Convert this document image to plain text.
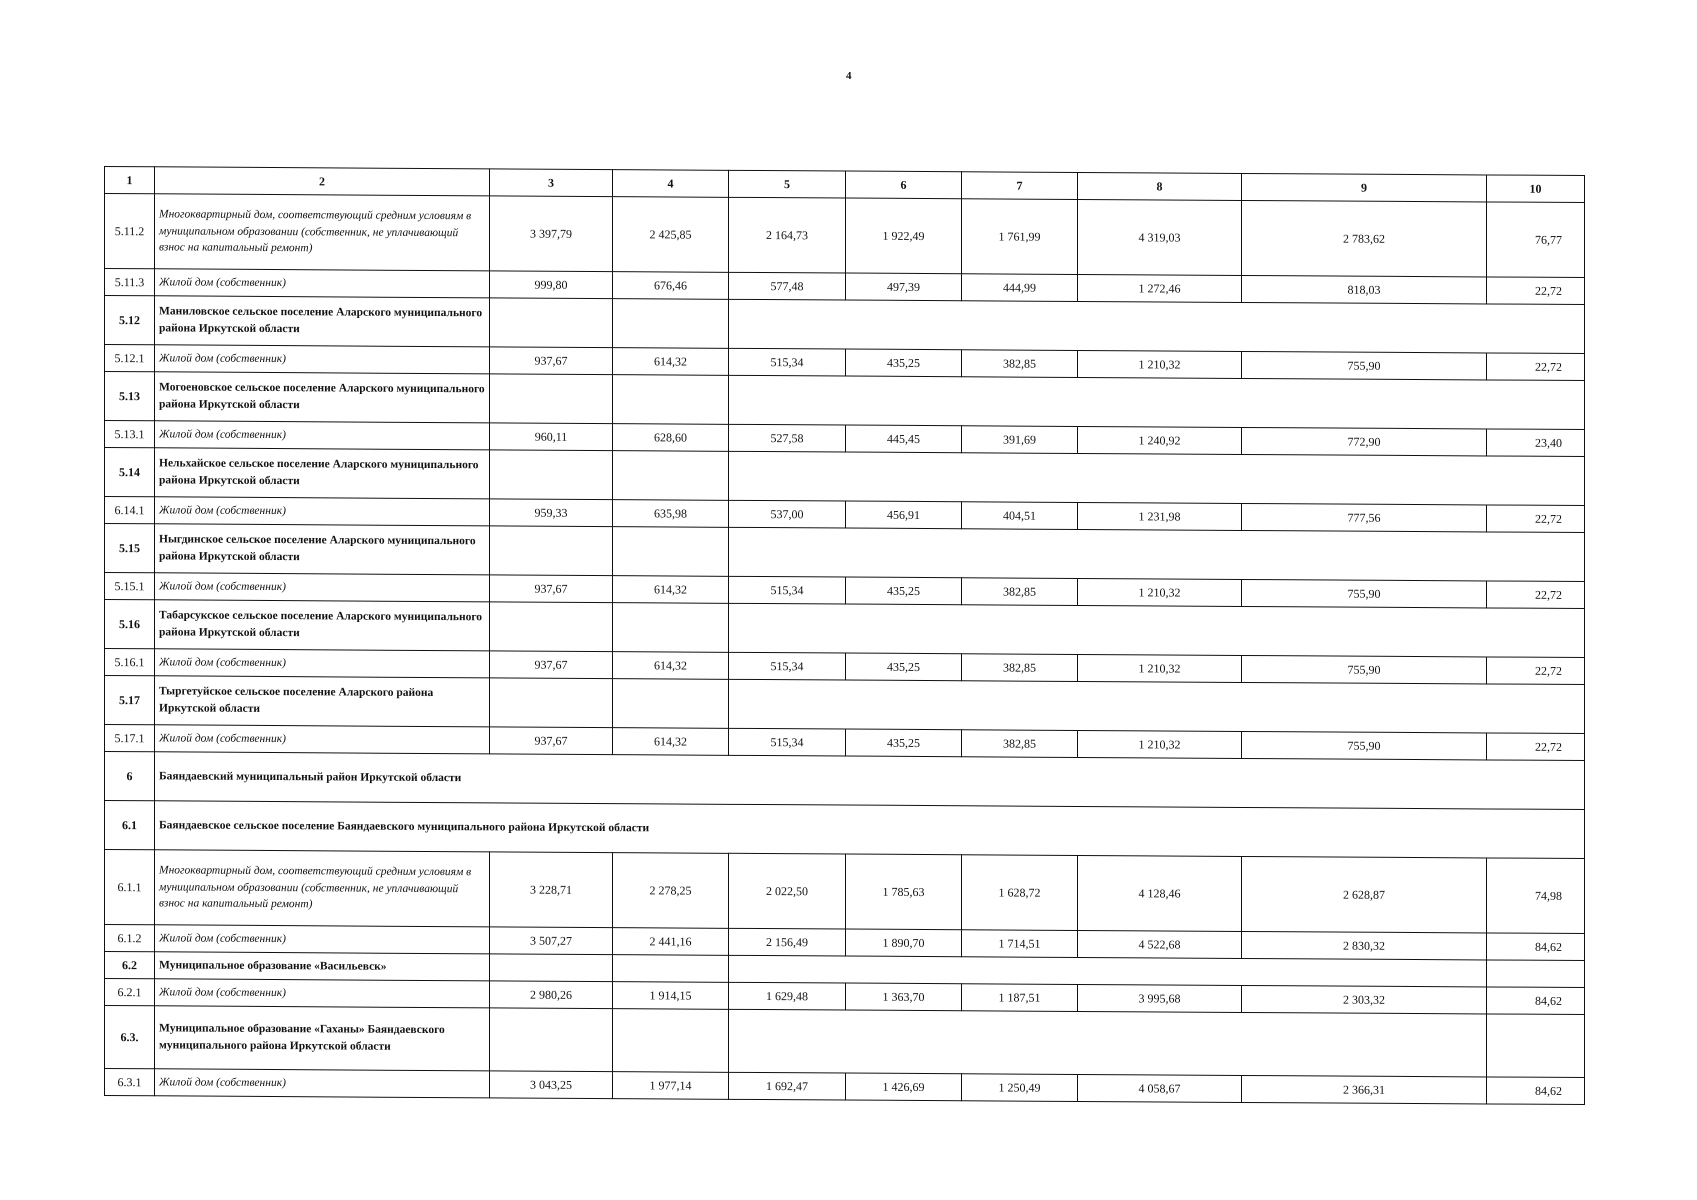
4
1	2	3	4	5	6	7	8	9	10
5.11.2	Многоквартирный дом, соответствующий средним условиям в муниципальном образовании (собственник, не уплачивающий взнос на капитальный ремонт)	3 397,79	2 425,85	2 164,73	1 922,49	1 761,99	4 319,03	2 783,62	76,77
5.11.3	Жилой дом (собственник)	999,80	676,46	577,48	497,39	444,99	1 272,46	818,03	22,72
5.12	Маниловское сельское поселение Аларского муниципального района Иркутской области								
5.12.1	Жилой дом (собственник)	937,67	614,32	515,34	435,25	382,85	1 210,32	755,90	22,72
5.13	Могоеновское сельское поселение Аларского муниципального района Иркутской области								
5.13.1	Жилой дом (собственник)	960,11	628,60	527,58	445,45	391,69	1 240,92	772,90	23,40
5.14	Нельхайское сельское поселение Аларского муниципального района Иркутской области								
6.14.1	Жилой дом (собственник)	959,33	635,98	537,00	456,91	404,51	1 231,98	777,56	22,72
5.15	Ныгдинское сельское поселение Аларского муниципального района Иркутской области								
5.15.1	Жилой дом (собственник)	937,67	614,32	515,34	435,25	382,85	1 210,32	755,90	22,72
5.16	Табарсукское сельское поселение Аларского муниципального района Иркутской области								
5.16.1	Жилой дом (собственник)	937,67	614,32	515,34	435,25	382,85	1 210,32	755,90	22,72
5.17	Тыргетуйское сельское поселение Аларского района Иркутской области								
5.17.1	Жилой дом (собственник)	937,67	614,32	515,34	435,25	382,85	1 210,32	755,90	22,72
6	Баяндаевский муниципальный район Иркутской области								
6.1	Баяндаевское сельское поселение Баяндаевского муниципального района Иркутской области								
6.1.1	Многоквартирный дом, соответствующий средним условиям в муниципальном образовании (собственник, не уплачивающий взнос на капитальный ремонт)	3 228,71	2 278,25	2 022,50	1 785,63	1 628,72	4 128,46	2 628,87	74,98
6.1.2	Жилой дом (собственник)	3 507,27	2 441,16	2 156,49	1 890,70	1 714,51	4 522,68	2 830,32	84,62
6.2	Муниципальное образование «Васильевск»								
6.2.1	Жилой дом (собственник)	2 980,26	1 914,15	1 629,48	1 363,70	1 187,51	3 995,68	2 303,32	84,62
6.3.	Муниципальное образование «Гаханы» Баяндаевского муниципального района Иркутской области								
6.3.1	Жилой дом (собственник)	3 043,25	1 977,14	1 692,47	1 426,69	1 250,49	4 058,67	2 366,31	84,62
